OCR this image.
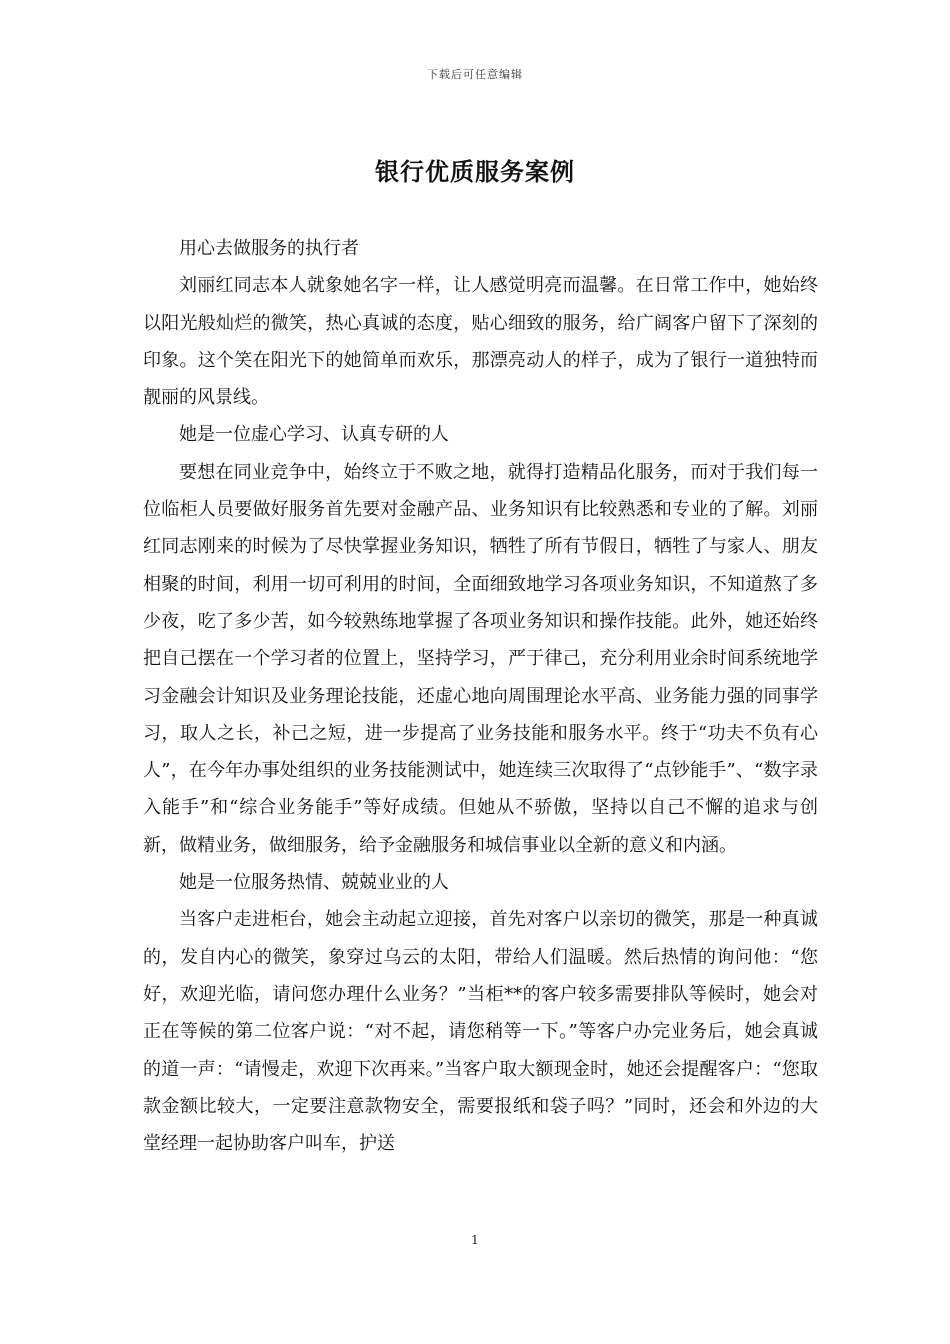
下载后可任意编辑
银行优质服务案例

用心去做服务的执行者

刘丽红同志本人就象她名字一样，让人感觉明亮而温馨。在日常工作中，她始终以阳光般灿烂的微笑，热心真诚的态度，贴心细致的服务，给广阔客户留下了深刻的印象。这个笑在阳光下的她简单而欢乐，那漂亮动人的样子，成为了银行一道独特而靓丽的风景线。

她是一位虚心学习、认真专研的人

要想在同业竞争中，始终立于不败之地，就得打造精品化服务，而对于我们每一位临柜人员要做好服务首先要对金融产品、业务知识有比较熟悉和专业的了解。刘丽红同志刚来的时候为了尽快掌握业务知识，牺牲了所有节假日，牺牲了与家人、朋友相聚的时间，利用一切可利用的时间，全面细致地学习各项业务知识，不知道熬了多少夜，吃了多少苦，如今较熟练地掌握了各项业务知识和操作技能。此外，她还始终把自己摆在一个学习者的位置上，坚持学习，严于律己，充分利用业余时间系统地学习金融会计知识及业务理论技能，还虚心地向周围理论水平高、业务能力强的同事学习，取人之长，补己之短，进一步提高了业务技能和服务水平。终于“功夫不负有心人”，在今年办事处组织的业务技能测试中，她连续三次取得了“点钞能手”、“数字录入能手”和“综合业务能手”等好成绩。但她从不骄傲，坚持以自己不懈的追求与创新，做精业务，做细服务，给予金融服务和城信事业以全新的意义和内涵。

她是一位服务热情、兢兢业业的人

当客户走进柜台，她会主动起立迎接，首先对客户以亲切的微笑，那是一种真诚的，发自内心的微笑，象穿过乌云的太阳，带给人们温暖。然后热情的询问他：“您好，欢迎光临，请问您办理什么业务？”当柜**的客户较多需要排队等候时，她会对正在等候的第二位客户说：“对不起，请您稍等一下。”等客户办完业务后，她会真诚的道一声：“请慢走，欢迎下次再来。”当客户取大额现金时，她还会提醒客户：“您取款金额比较大，一定要注意款物安全，需要报纸和袋子吗？”同时，还会和外边的大堂经理一起协助客户叫车，护送

1
